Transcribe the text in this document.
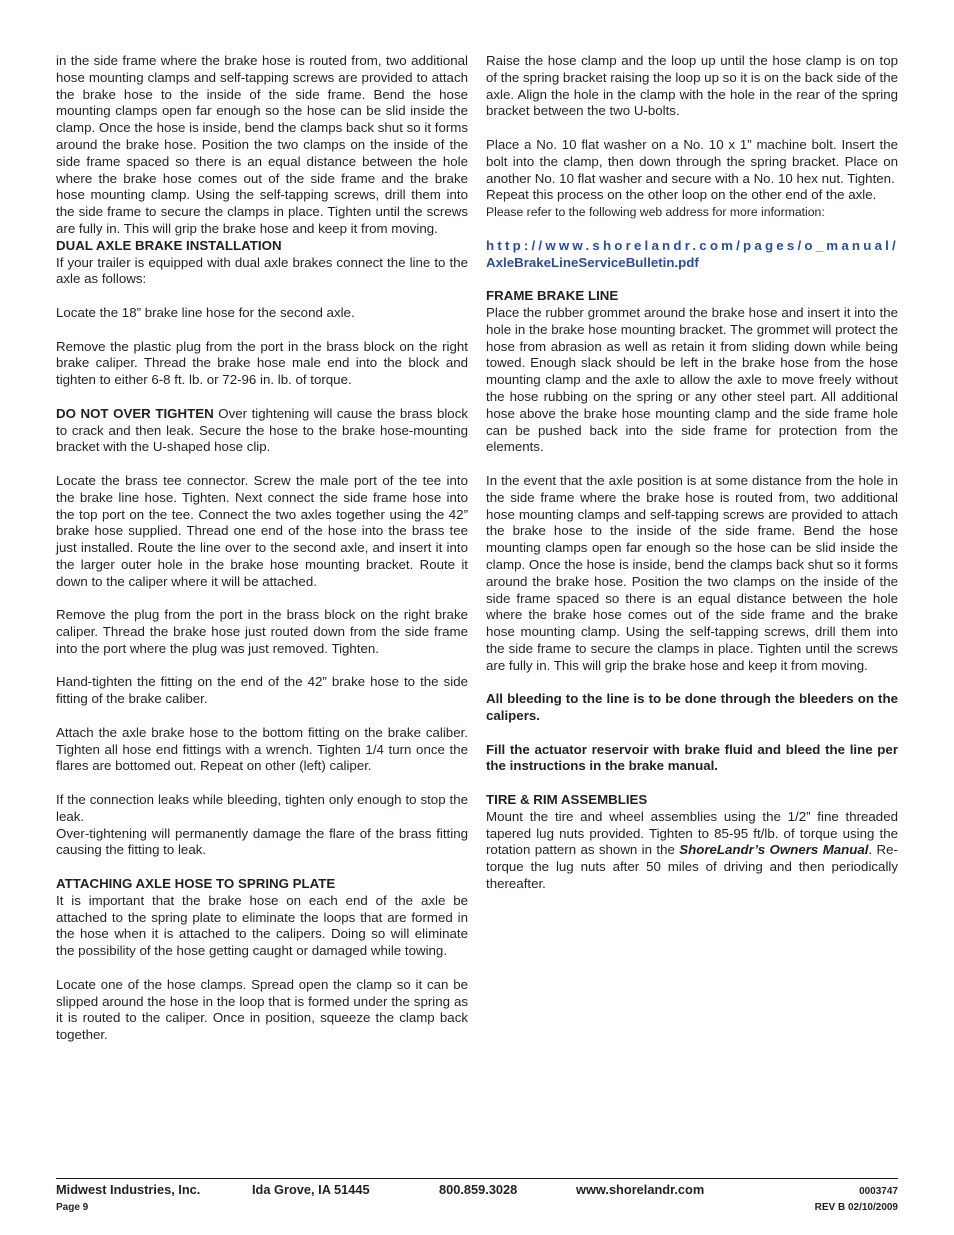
in the side frame where the brake hose is routed from, two additional hose mounting clamps and self-tapping screws are provided to attach the brake hose to the inside of the side frame. Bend the hose mounting clamps open far enough so the hose can be slid inside the clamp. Once the hose is inside, bend the clamps back shut so it forms around the brake hose. Position the two clamps on the inside of the side frame spaced so there is an equal distance between the hole where the brake hose comes out of the side frame and the brake hose mounting clamp. Using the self-tapping screws, drill them into the side frame to secure the clamps in place. Tighten until the screws are fully in. This will grip the brake hose and keep it from moving.

DUAL AXLE BRAKE INSTALLATION

If your trailer is equipped with dual axle brakes connect the line to the axle as follows:

Locate the 18” brake line hose for the second axle.

Remove the plastic plug from the port in the brass block on the right brake caliper. Thread the brake hose male end into the block and tighten to either 6-8 ft. lb. or 72-96 in. lb. of torque.

DO NOT OVER TIGHTEN Over tightening will cause the brass block to crack and then leak. Secure the hose to the brake hose-mounting bracket with the U-shaped hose clip.

Locate the brass tee connector. Screw the male port of the tee into the brake line hose. Tighten. Next connect the side frame hose into the top port on the tee. Connect the two axles together using the 42” brake hose supplied. Thread one end of the hose into the brass tee just installed. Route the line over to the second axle, and insert it into the larger outer hole in the brake hose mounting bracket. Route it down to the caliper where it will be attached.

Remove the plug from the port in the brass block on the right brake caliper. Thread the brake hose just routed down from the side frame into the port where the plug was just removed. Tighten.

Hand-tighten the fitting on the end of the 42” brake hose to the side fitting of the brake caliber.

Attach the axle brake hose to the bottom fitting on the brake caliber. Tighten all hose end fittings with a wrench. Tighten 1/4 turn once the flares are bottomed out. Repeat on other (left) caliper.

If the connection leaks while bleeding, tighten only enough to stop the leak.

Over-tightening will permanently damage the flare of the brass fitting causing the fitting to leak.

ATTACHING AXLE HOSE TO SPRING PLATE

It is important that the brake hose on each end of the axle be attached to the spring plate to eliminate the loops that are formed in the hose when it is attached to the calipers. Doing so will eliminate the possibility of the hose getting caught or damaged while towing.

Locate one of the hose clamps. Spread open the clamp so it can be slipped around the hose in the loop that is formed under the spring as it is routed to the caliper. Once in position, squeeze the clamp back together.

Raise the hose clamp and the loop up until the hose clamp is on top of the spring bracket raising the loop up so it is on the back side of the axle. Align the hole in the clamp with the hole in the rear of the spring bracket between the two U-bolts.

Place a No. 10 flat washer on a No. 10 x 1” machine bolt. Insert the bolt into the clamp, then down through the spring bracket. Place on another No. 10 flat washer and secure with a No. 10 hex nut. Tighten.

Repeat this process on the other loop on the other end of the axle.

Please refer to the following web address for more information:

http://www.shorelandr.com/pages/o_manual/

AxleBrakeLineServiceBulletin.pdf

FRAME BRAKE LINE

Place the rubber grommet around the brake hose and insert it into the hole in the brake hose mounting bracket. The grommet will protect the hose from abrasion as well as retain it from sliding down while being towed. Enough slack should be left in the brake hose from the hose mounting clamp and the axle to allow the axle to move freely without the hose rubbing on the spring or any other steel part. All additional hose above the brake hose mounting clamp and the side frame hole can be pushed back into the side frame for protection from the elements.

In the event that the axle position is at some distance from the hole in the side frame where the brake hose is routed from, two additional hose mounting clamps and self-tapping screws are provided to attach the brake hose to the inside of the side frame. Bend the hose mounting clamps open far enough so the hose can be slid inside the clamp. Once the hose is inside, bend the clamps back shut so it forms around the brake hose. Position the two clamps on the inside of the side frame spaced so there is an equal distance between the hole where the brake hose comes out of the side frame and the brake hose mounting clamp. Using the self-tapping screws, drill them into the side frame to secure the clamps in place. Tighten until the screws are fully in. This will grip the brake hose and keep it from moving.

All bleeding to the line is to be done through the bleeders on the calipers.

Fill the actuator reservoir with brake fluid and bleed the line per the instructions in the brake manual.

TIRE & RIM ASSEMBLIES

Mount the tire and wheel assemblies using the 1/2” fine threaded tapered lug nuts provided. Tighten to 85-95 ft/lb. of torque using the rotation pattern as shown in the ShoreLandr’s Owners Manual. Re-torque the lug nuts after 50 miles of driving and then periodically thereafter.

Midwest Industries, Inc.	Ida Grove, IA 51445	800.859.3028	www.shorelandr.com	0003747
Page 9	REV B 02/10/2009
